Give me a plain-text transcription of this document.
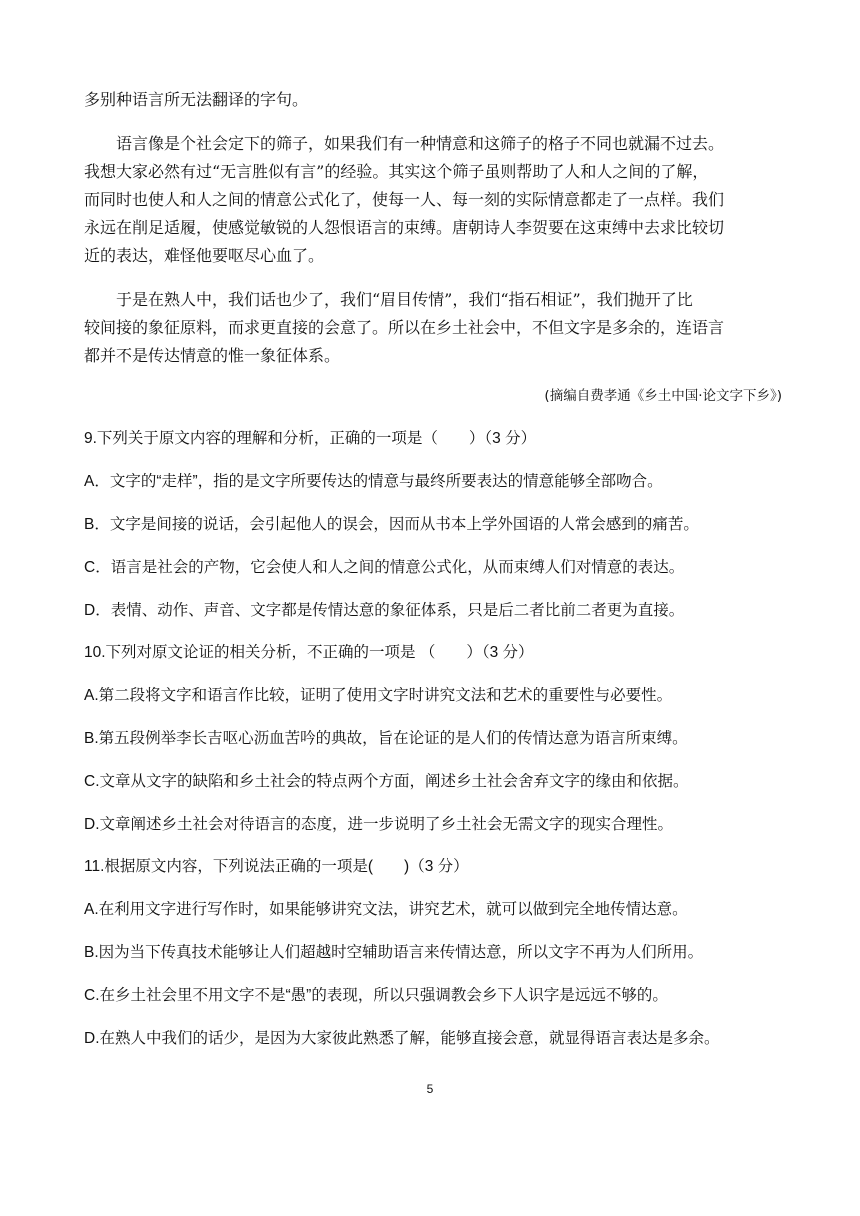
多别种语言所无法翻译的字句。

语言像是个社会定下的筛子，如果我们有一种情意和这筛子的格子不同也就漏不过去。

我想大家必然有过“无言胜似有言”的经验。其实这个筛子虽则帮助了人和人之间的了解，

而同时也使人和人之间的情意公式化了，使每一人、每一刻的实际情意都走了一点样。我们

永远在削足适履，使感觉敏锐的人怨恨语言的束缚。唐朝诗人李贺要在这束缚中去求比较切

近的表达，难怪他要呕尽心血了。

于是在熟人中，我们话也少了，我们“眉目传情”，我们“指石相证”，我们抛开了比

较间接的象征原料，而求更直接的会意了。所以在乡土社会中，不但文字是多余的，连语言

都并不是传达情意的惟一象征体系。

(摘编自费孝通《乡土中国·论文字下乡》)

9.下列关于原文内容的理解和分析，正确的一项是（　　）（3 分）

A．文字的“走样”，指的是文字所要传达的情意与最终所要表达的情意能够全部吻合。

B．文字是间接的说话，会引起他人的误会，因而从书本上学外国语的人常会感到的痛苦。

C．语言是社会的产物，它会使人和人之间的情意公式化，从而束缚人们对情意的表达。

D．表情、动作、声音、文字都是传情达意的象征体系，只是后二者比前二者更为直接。

10.下列对原文论证的相关分析，不正确的一项是 （　　）（3 分）

A.第二段将文字和语言作比较，证明了使用文字时讲究文法和艺术的重要性与必要性。

B.第五段例举李长吉呕心沥血苦吟的典故，旨在论证的是人们的传情达意为语言所束缚。

C.文章从文字的缺陷和乡土社会的特点两个方面，阐述乡土社会舍弃文字的缘由和依据。

D.文章阐述乡土社会对待语言的态度，进一步说明了乡土社会无需文字的现实合理性。

11.根据原文内容，下列说法正确的一项是(　　)（3 分）

A.在利用文字进行写作时，如果能够讲究文法，讲究艺术，就可以做到完全地传情达意。

B.因为当下传真技术能够让人们超越时空辅助语言来传情达意，所以文字不再为人们所用。

C.在乡土社会里不用文字不是“愚”的表现，所以只强调教会乡下人识字是远远不够的。

D.在熟人中我们的话少，是因为大家彼此熟悉了解，能够直接会意，就显得语言表达是多余。

5
